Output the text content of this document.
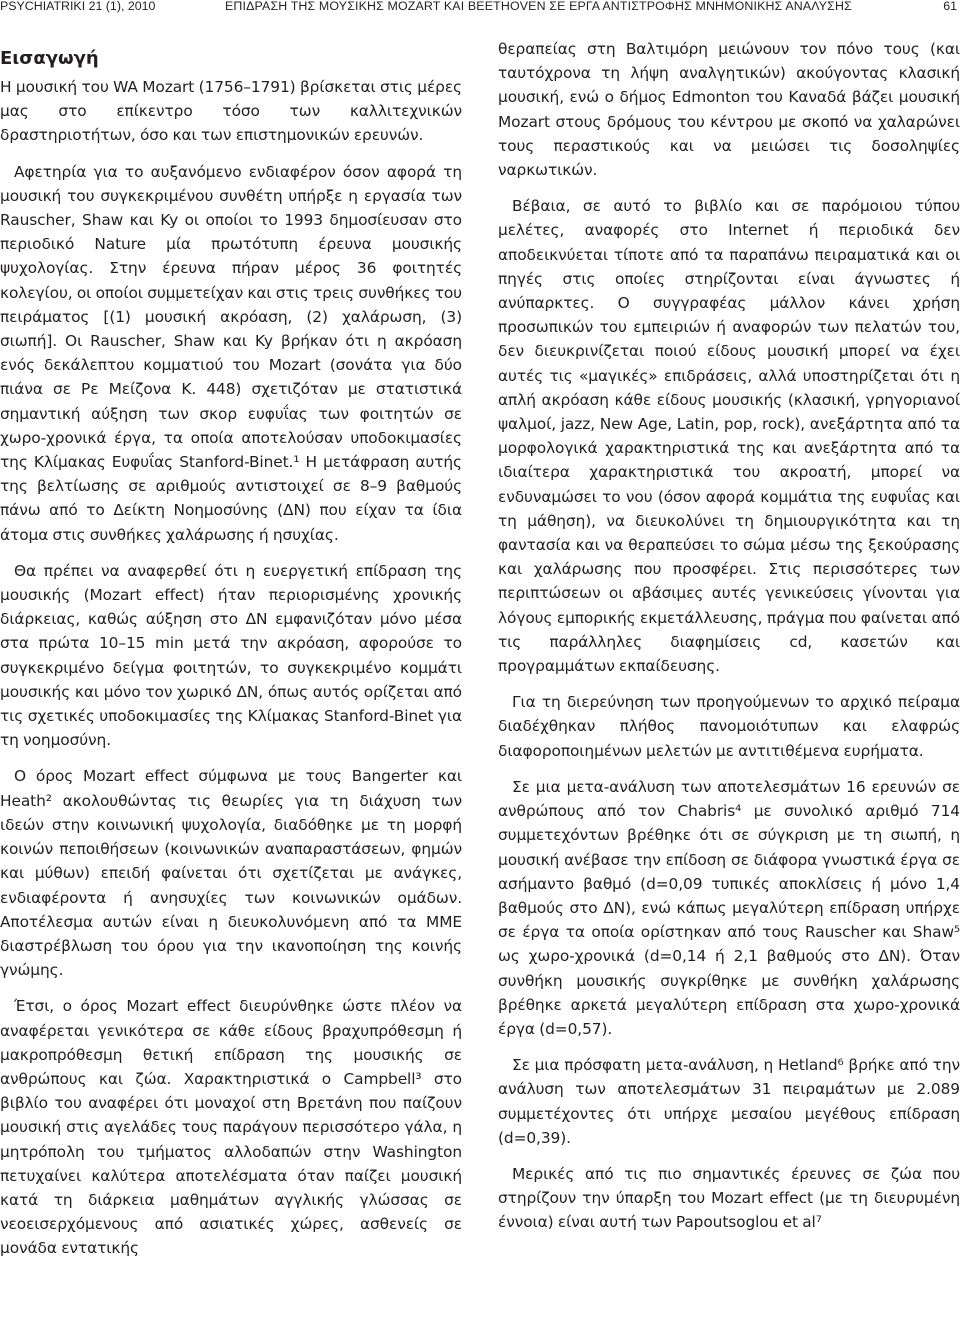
PSYCHIATRIKI 21 (1), 2010	ΕΠΙΔΡΑΣΗ ΤΗΣ ΜΟΥΣΙΚΗΣ MOZART ΚΑΙ BEETHOVEN ΣΕ ΕΡΓΑ ΑΝΤΙΣΤΡΟΦΗΣ ΜΝΗΜΟΝΙΚΗΣ ΑΝΑΛΥΣΗΣ	61
Εισαγωγή

Η μουσική του WA Mozart (1756–1791) βρίσκεται στις μέρες μας στο επίκεντρο τόσο των καλλιτεχνικών δραστηριοτήτων, όσο και των επιστημονικών ερευνών.

Αφετηρία για το αυξανόμενο ενδιαφέρον όσον αφορά τη μουσική του συγκεκριμένου συνθέτη υπήρξε η εργασία των Rauscher, Shaw και Ky οι οποίοι το 1993 δημοσίευσαν στο περιοδικό Nature μία πρωτότυπη έρευνα μουσικής ψυχολογίας. Στην έρευνα πήραν μέρος 36 φοιτητές κολεγίου, οι οποίοι συμμετείχαν και στις τρεις συνθήκες του πειράματος [(1) μουσική ακρόαση, (2) χαλάρωση, (3) σιωπή]. Οι Rauscher, Shaw και Ky βρήκαν ότι η ακρόαση ενός δεκάλεπτου κομματιού του Mozart (σονάτα για δύο πιάνα σε Ρε Μείζονα Κ. 448) σχετιζόταν με στατιστικά σημαντική αύξηση των σκορ ευφυΐας των φοιτητών σε χωρο-χρονικά έργα, τα οποία αποτελούσαν υποδοκιμασίες της Κλίμακας Ευφυΐας Stanford-Binet.¹ Η μετάφραση αυτής της βελτίωσης σε αριθμούς αντιστοιχεί σε 8–9 βαθμούς πάνω από το Δείκτη Νοημοσύνης (ΔΝ) που είχαν τα ίδια άτομα στις συνθήκες χαλάρωσης ή ησυχίας.

Θα πρέπει να αναφερθεί ότι η ευεργετική επίδραση της μουσικής (Mozart effect) ήταν περιορισμένης χρονικής διάρκειας, καθώς αύξηση στο ΔΝ εμφανιζόταν μόνο μέσα στα πρώτα 10–15 min μετά την ακρόαση, αφορούσε το συγκεκριμένο δείγμα φοιτητών, το συγκεκριμένο κομμάτι μουσικής και μόνο τον χωρικό ΔΝ, όπως αυτός ορίζεται από τις σχετικές υποδοκιμασίες της Κλίμακας Stanford-Binet για τη νοημοσύνη.

Ο όρος Mozart effect σύμφωνα με τους Bangerter και Heath² ακολουθώντας τις θεωρίες για τη διάχυση των ιδεών στην κοινωνική ψυχολογία, διαδόθηκε με τη μορφή κοινών πεποιθήσεων (κοινωνικών αναπαραστάσεων, φημών και μύθων) επειδή φαίνεται ότι σχετίζεται με ανάγκες, ενδιαφέροντα ή ανησυχίες των κοινωνικών ομάδων. Αποτέλεσμα αυτών είναι η διευκολυνόμενη από τα ΜΜΕ διαστρέβλωση του όρου για την ικανοποίηση της κοινής γνώμης.

Έτσι, ο όρος Mozart effect διευρύνθηκε ώστε πλέον να αναφέρεται γενικότερα σε κάθε είδους βραχυπρόθεσμη ή μακροπρόθεσμη θετική επίδραση της μουσικής σε ανθρώπους και ζώα. Χαρακτηριστικά ο Campbell³ στο βιβλίο του αναφέρει ότι μοναχοί στη Βρετάνη που παίζουν μουσική στις αγελάδες τους παράγουν περισσότερο γάλα, η μητρόπολη του τμήματος αλλοδαπών στην Washington πετυχαίνει καλύτερα αποτελέσματα όταν παίζει μουσική κατά τη διάρκεια μαθημάτων αγγλικής γλώσσας σε νεοεισερχόμενους από ασιατικές χώρες, ασθενείς σε μονάδα εντατικής

θεραπείας στη Βαλτιμόρη μειώνουν τον πόνο τους (και ταυτόχρονα τη λήψη αναλγητικών) ακούγοντας κλασική μουσική, ενώ ο δήμος Edmonton του Καναδά βάζει μουσική Mozart στους δρόμους του κέντρου με σκοπό να χαλαρώνει τους περαστικούς και να μειώσει τις δοσοληψίες ναρκωτικών.

Βέβαια, σε αυτό το βιβλίο και σε παρόμοιου τύπου μελέτες, αναφορές στο Internet ή περιοδικά δεν αποδεικνύεται τίποτε από τα παραπάνω πειραματικά και οι πηγές στις οποίες στηρίζονται είναι άγνωστες ή ανύπαρκτες. Ο συγγραφέας μάλλον κάνει χρήση προσωπικών του εμπειριών ή αναφορών των πελατών του, δεν διευκρινίζεται ποιού είδους μουσική μπορεί να έχει αυτές τις «μαγικές» επιδράσεις, αλλά υποστηρίζεται ότι η απλή ακρόαση κάθε είδους μουσικής (κλασική, γρηγοριανοί ψαλμοί, jazz, New Age, Latin, pop, rock), ανεξάρτητα από τα μορφολογικά χαρακτηριστικά της και ανεξάρτητα από τα ιδιαίτερα χαρακτηριστικά του ακροατή, μπορεί να ενδυναμώσει το νου (όσον αφορά κομμάτια της ευφυΐας και τη μάθηση), να διευκολύνει τη δημιουργικότητα και τη φαντασία και να θεραπεύσει το σώμα μέσω της ξεκούρασης και χαλάρωσης που προσφέρει. Στις περισσότερες των περιπτώσεων οι αβάσιμες αυτές γενικεύσεις γίνονται για λόγους εμπορικής εκμετάλλευσης, πράγμα που φαίνεται από τις παράλληλες διαφημίσεις cd, κασετών και προγραμμάτων εκπαίδευσης.

Για τη διερεύνηση των προηγούμενων το αρχικό πείραμα διαδέχθηκαν πλήθος πανομοιότυπων και ελαφρώς διαφοροποιημένων μελετών με αντιτιθέμενα ευρήματα.

Σε μια μετα-ανάλυση των αποτελεσμάτων 16 ερευνών σε ανθρώπους από τον Chabris⁴ με συνολικό αριθμό 714 συμμετεχόντων βρέθηκε ότι σε σύγκριση με τη σιωπή, η μουσική ανέβασε την επίδοση σε διάφορα γνωστικά έργα σε ασήμαντο βαθμό (d=0,09 τυπικές αποκλίσεις ή μόνο 1,4 βαθμούς στο ΔΝ), ενώ κάπως μεγαλύτερη επίδραση υπήρχε σε έργα τα οποία ορίστηκαν από τους Rauscher και Shaw⁵ ως χωρο-χρονικά (d=0,14 ή 2,1 βαθμούς στο ΔΝ). Όταν συνθήκη μουσικής συγκρίθηκε με συνθήκη χαλάρωσης βρέθηκε αρκετά μεγαλύτερη επίδραση στα χωρο-χρονικά έργα (d=0,57).

Σε μια πρόσφατη μετα-ανάλυση, η Hetland⁶ βρήκε από την ανάλυση των αποτελεσμάτων 31 πειραμάτων με 2.089 συμμετέχοντες ότι υπήρχε μεσαίου μεγέθους επίδραση (d=0,39).

Μερικές από τις πιο σημαντικές έρευνες σε ζώα που στηρίζουν την ύπαρξη του Mozart effect (με τη διευρυμένη έννοια) είναι αυτή των Papoutsoglou et al⁷
